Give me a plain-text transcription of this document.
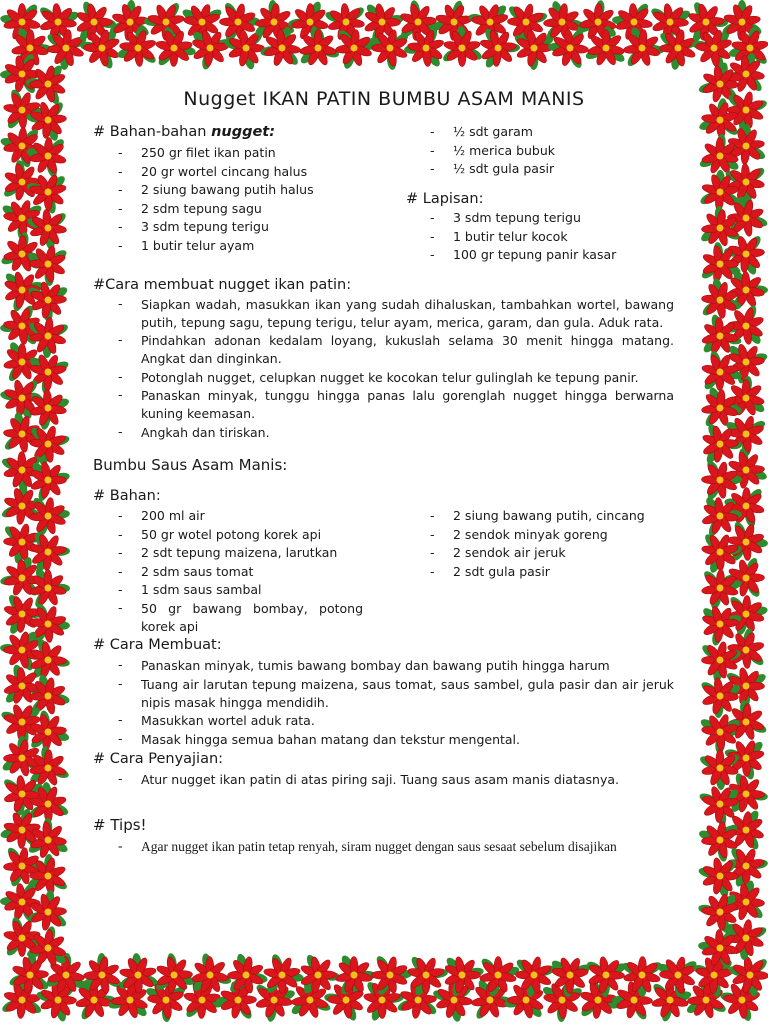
Nugget IKAN PATIN BUMBU ASAM MANIS
# Bahan-bahan nugget:
- 250 gr filet ikan patin
- 20 gr wortel cincang halus
- 2 siung bawang putih halus
- 2 sdm tepung sagu
- 3 sdm tepung terigu
- 1 butir telur ayam
- ½ sdt garam
- ½ merica bubuk
- ½ sdt gula pasir
# Lapisan:
- 3 sdm tepung terigu
- 1 butir telur kocok
- 100 gr tepung panir kasar
#Cara membuat nugget ikan patin:
- Siapkan wadah, masukkan ikan yang sudah dihaluskan, tambahkan wortel, bawang putih, tepung sagu, tepung terigu, telur ayam, merica, garam, dan gula. Aduk rata.
- Pindahkan adonan kedalam loyang, kukuslah selama 30 menit hingga matang. Angkat dan dinginkan.
- Potonglah nugget, celupkan nugget ke kocokan telur gulinglah ke tepung panir.
- Panaskan minyak, tunggu hingga panas lalu gorenglah nugget hingga berwarna kuning keemasan.
- Angkah dan tiriskan.
Bumbu Saus Asam Manis:
# Bahan:
- 200 ml air
- 50 gr wotel potong korek api
- 2 sdt tepung maizena, larutkan
- 2 sdm saus tomat
- 1 sdm saus sambal
- 50 gr bawang bombay, potong korek api
- 2 siung bawang putih, cincang
- 2 sendok minyak goreng
- 2 sendok air jeruk
- 2 sdt gula pasir
# Cara Membuat:
- Panaskan minyak, tumis bawang bombay dan bawang putih hingga harum
- Tuang air larutan tepung maizena, saus tomat, saus sambel, gula pasir dan air jeruk nipis masak hingga mendidih.
- Masukkan wortel aduk rata.
- Masak hingga semua bahan matang dan tekstur mengental.
# Cara Penyajian:
- Atur nugget ikan patin di atas piring saji. Tuang saus asam manis diatasnya.
# Tips!
- Agar nugget ikan patin tetap renyah, siram nugget dengan saus sesaat sebelum disajikan
